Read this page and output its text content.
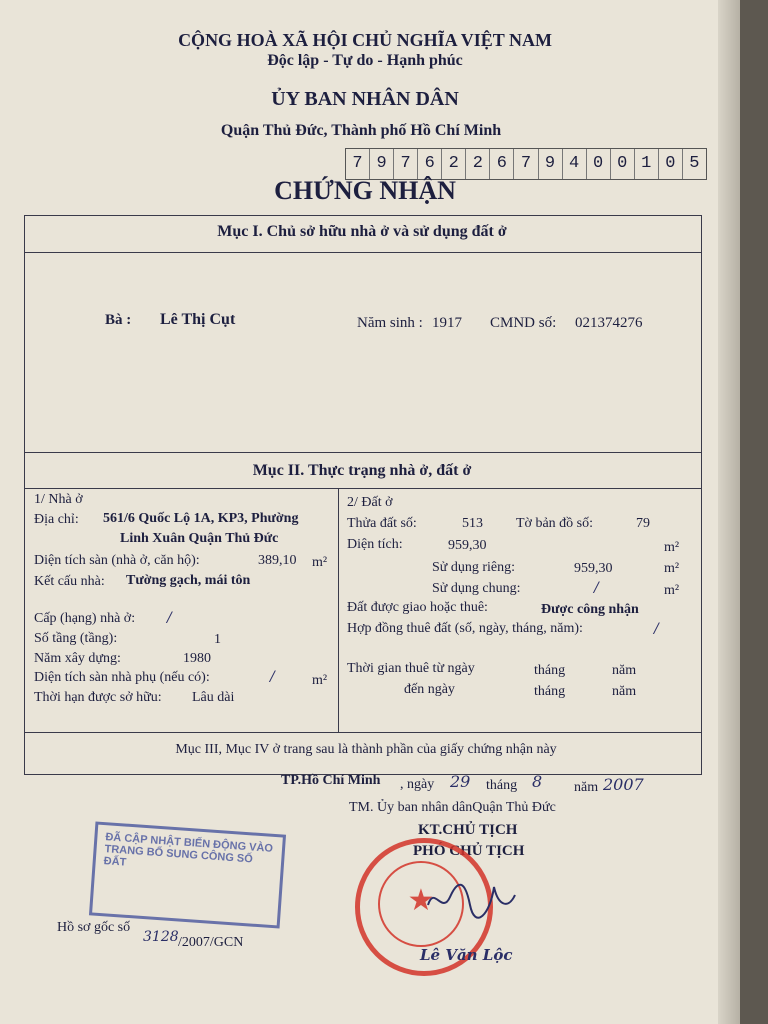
CỘNG HOÀ XÃ HỘI CHỦ NGHĨA VIỆT NAM
Độc lập - Tự do - Hạnh phúc
ỦY BAN NHÂN DÂN
Quận Thủ Đức, Thành phố Hồ Chí Minh
7 9 7 6 2 2 6 7 9 4 0 0 1 0 5
CHỨNG NHẬN
Mục I. Chủ sở hữu nhà ở và sử dụng đất ở
Bà : Lê Thị Cụt	Năm sinh : 1917 CMND số: 021374276
Mục II. Thực trạng nhà ở, đất ở
1/ Nhà ở
Địa chỉ: 561/6 Quốc Lộ 1A, KP3, Phường
Linh Xuân Quận Thủ Đức
Diện tích sàn (nhà ở, căn hộ):	389,10 m²
Kết cấu nhà: Tường gạch, mái tôn
Cấp (hạng) nhà ở: /
Số tầng (tầng):	1
Năm xây dựng:	1980
Diện tích sàn nhà phụ (nếu có):	/	m²
Thời hạn được sở hữu: Lâu dài
2/ Đất ở
Thửa đất số:	513 Tờ bản đồ số:	79
Diện tích:	959,30	m²
Sử dụng riêng:	959,30	m²
Sử dụng chung:	/	m²
Đất được giao hoặc thuê:	Được công nhận
Hợp đồng thuê đất (số, ngày, tháng, năm):	/
Thời gian thuê từ ngày	tháng	năm
đến ngày	tháng	năm
Mục III, Mục IV ở trang sau là thành phần của giấy chứng nhận này
TP.Hồ Chí Minh , ngày 29 tháng 8 năm 2007
TM. Ủy ban nhân dânQuận Thủ Đức
KT.CHỦ TỊCH
PHÓ CHỦ TỊCH
ĐÃ CẬP NHẬT BIẾN ĐỘNG VÀO TRANG BỔ SUNG CÔNG SỐ ĐẤT
★
Lê Văn Lộc
Hồ sơ gốc số
3128 /2007/GCN
